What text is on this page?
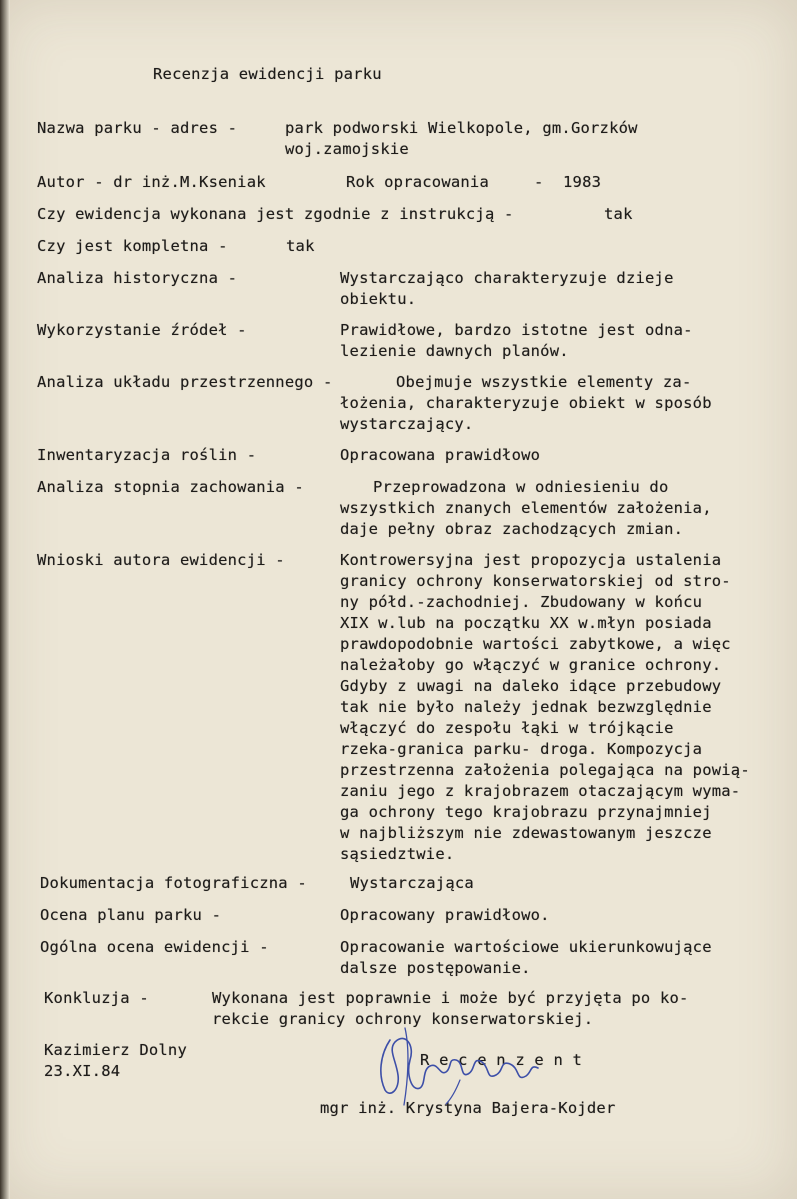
Recenzja ewidencji parku
Nazwa parku - adres -	park podworski Wielkopole, gm.Gorzków
woj.zamojskie
Autor - dr inż.M.Kseniak	Rok opracowania	- 1983
Czy ewidencja wykonana jest zgodnie z instrukcją -	tak
Czy jest kompletna -	tak
Analiza historyczna -	Wystarczająco charakteryzuje dzieje
obiektu.
Wykorzystanie źródeł -	Prawidłowe, bardzo istotne jest odna-
lezienie dawnych planów.
Analiza układu przestrzennego -	Obejmuje wszystkie elementy za-
łożenia, charakteryzuje obiekt w sposób
wystarczający.
Inwentaryzacja roślin -	Opracowana prawidłowo
Analiza stopnia zachowania -	Przeprowadzona w odniesieniu do
wszystkich znanych elementów założenia,
daje pełny obraz zachodzących zmian.
Wnioski autora ewidencji -	Kontrowersyjna jest propozycja ustalenia
granicy ochrony konserwatorskiej od stro-
ny półd.-zachodniej. Zbudowany w końcu
XIX w.lub na początku XX w.młyn posiada
prawdopodobnie wartości zabytkowe, a więc
należałoby go włączyć w granice ochrony.
Gdyby z uwagi na daleko idące przebudowy
tak nie było należy jednak bezwzględnie
włączyć do zespołu łąki w trójkącie
rzeka-granica parku- droga. Kompozycja
przestrzenna założenia polegająca na powią-
zaniu jego z krajobrazem otaczającym wyma-
ga ochrony tego krajobrazu przynajmniej
w najbliższym nie zdewastowanym jeszcze
sąsiedztwie.
Dokumentacja fotograficzna -	Wystarczająca
Ocena planu parku -	Opracowany prawidłowo.
Ogólna ocena ewidencji -	Opracowanie wartościowe ukierunkowujące
dalsze postępowanie.
Konkluzja -	Wykonana jest poprawnie i może być przyjęta po ko-
rekcie granicy ochrony konserwatorskiej.
Kazimierz Dolny
23.XI.84
R e c e n z e n t
mgr inż. Krystyna Bajera-Kojder
